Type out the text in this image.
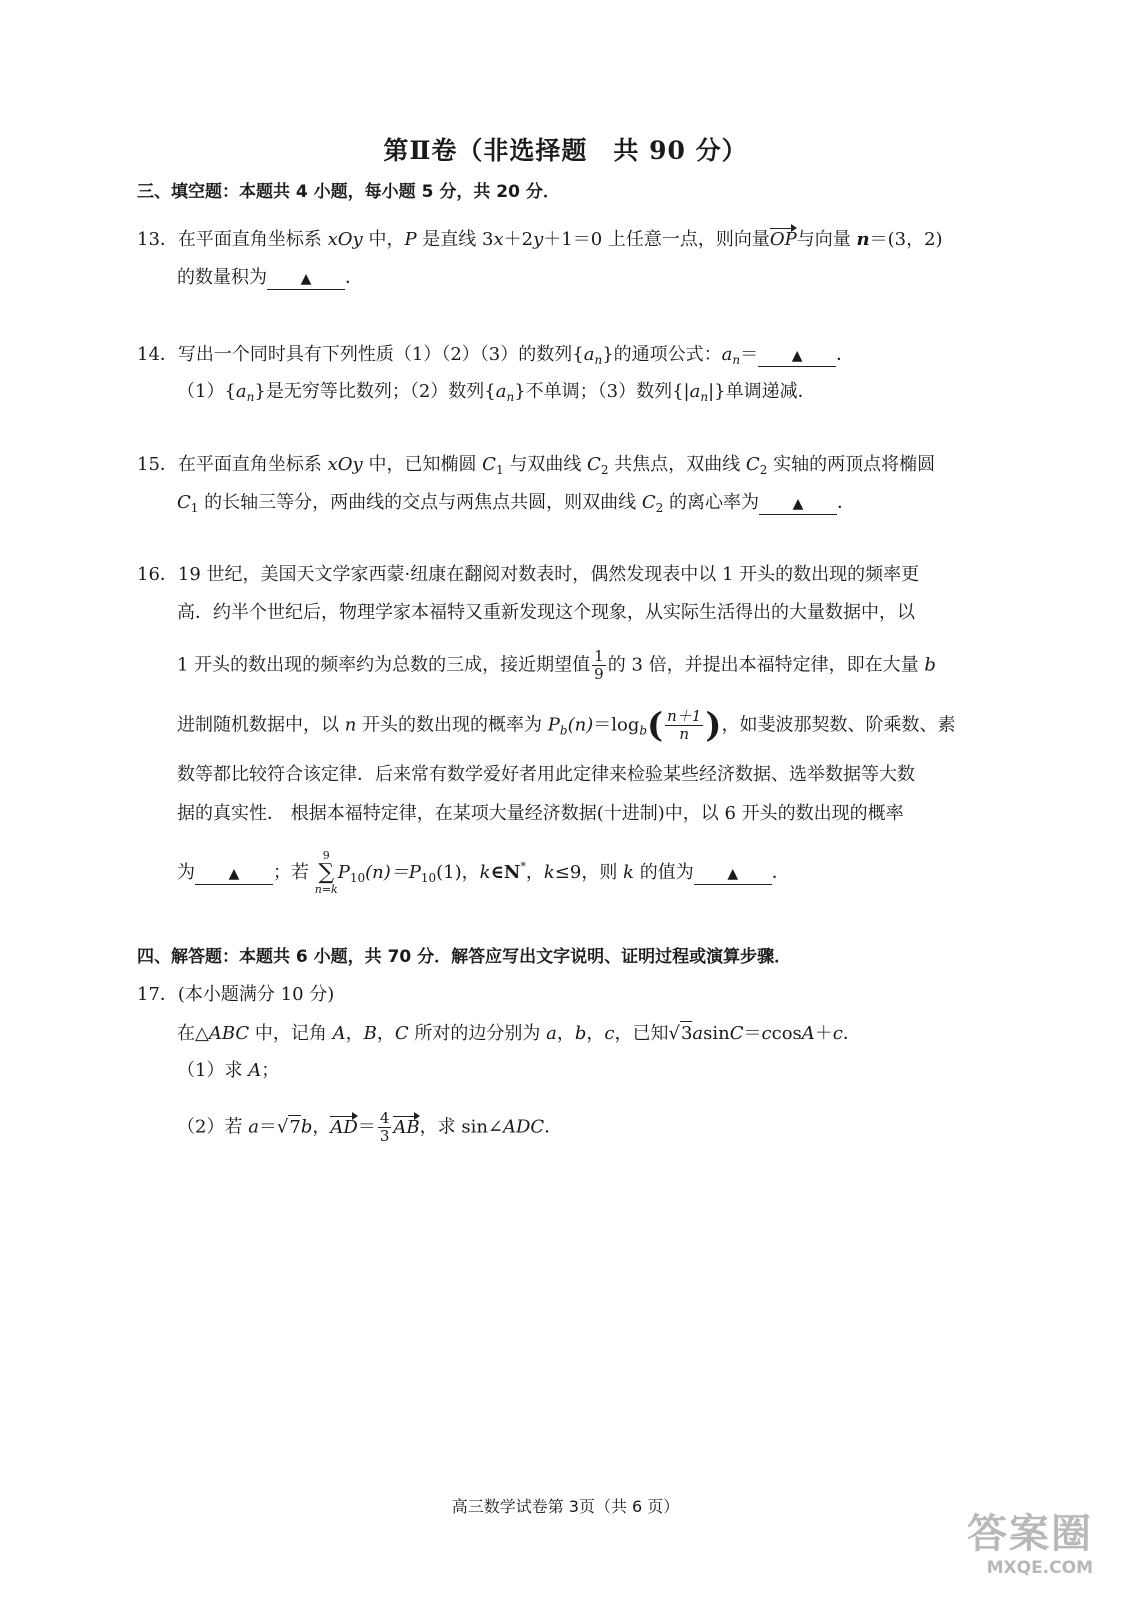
第Ⅱ卷（非选择题　共 90 分）
三、填空题：本题共 4 小题，每小题 5 分，共 20 分．
13．在平面直角坐标系 xOy 中，P 是直线 3x＋2y＋1＝0 上任意一点，则向量OP与向量 n＝(3，2)
的数量积为 ▲ ．
14．写出一个同时具有下列性质（1）（2）（3）的数列$\{a_n\}$的通项公式：$a_n=$ ▲ ．
$(1)\{a_n\}$是无穷等比数列；（2）数列$\{a_n\}$不单调；（3）数列$\{|a_n|\}$单调递减．
15．在平面直角坐标系 xOy 中，已知椭圆 $C_1$ 与双曲线 $C_2$ 共焦点，双曲线 $C_2$ 实轴的两顶点将椭圆
$C_1$ 的长轴三等分，两曲线的交点与两焦点共圆，则双曲线 $C_2$ 的离心率为 ▲ ．
16．19 世纪，美国天文学家西蒙·纽康在翻阅对数表时，偶然发现表中以 1 开头的数出现的频率更
高．约半个世纪后，物理学家本福特又重新发现这个现象，从实际生活得出的大量数据中，以
1 开头的数出现的频率约为总数的三成，接近期望值 $\frac{1}{9}$ 的 3 倍，并提出本福特定律，即在大量 b
进制随机数据中，以 n 开头的数出现的概率为 $P_b(n)=\log_b( \frac{n+1}{n}$ )，如斐波那契数、阶乘数、素
数等都比较符合该定律．后来常有数学爱好者用此定律来检验某些经济数据、选举数据等大数
据的真实性． 根据本福特定律，在某项大量经济数据(十进制)中，以 6 开头的数出现的概率
为 ▲ ；若 9
∑
$n=kP_{10}(n)=P_{10}(1)$，k∈N*，k≤9，则 k 的值为 ▲ ．
四、解答题：本题共 6 小题，共 70 分．解答应写出文字说明、证明过程或演算步骤．
17．(本小题满分 10 分)
在△ABC 中，记角 A，B，C 所对的边分别为 a，b，c，已知√3asinC＝ccosA＋c．
（1）求 A；
（2）若 a＝√7b，$AD= \frac{4}{3}$ AB，求 sin∠ADC．
高三数学试卷第 3页（共 6 页）
答案圈
MXQE.COM
